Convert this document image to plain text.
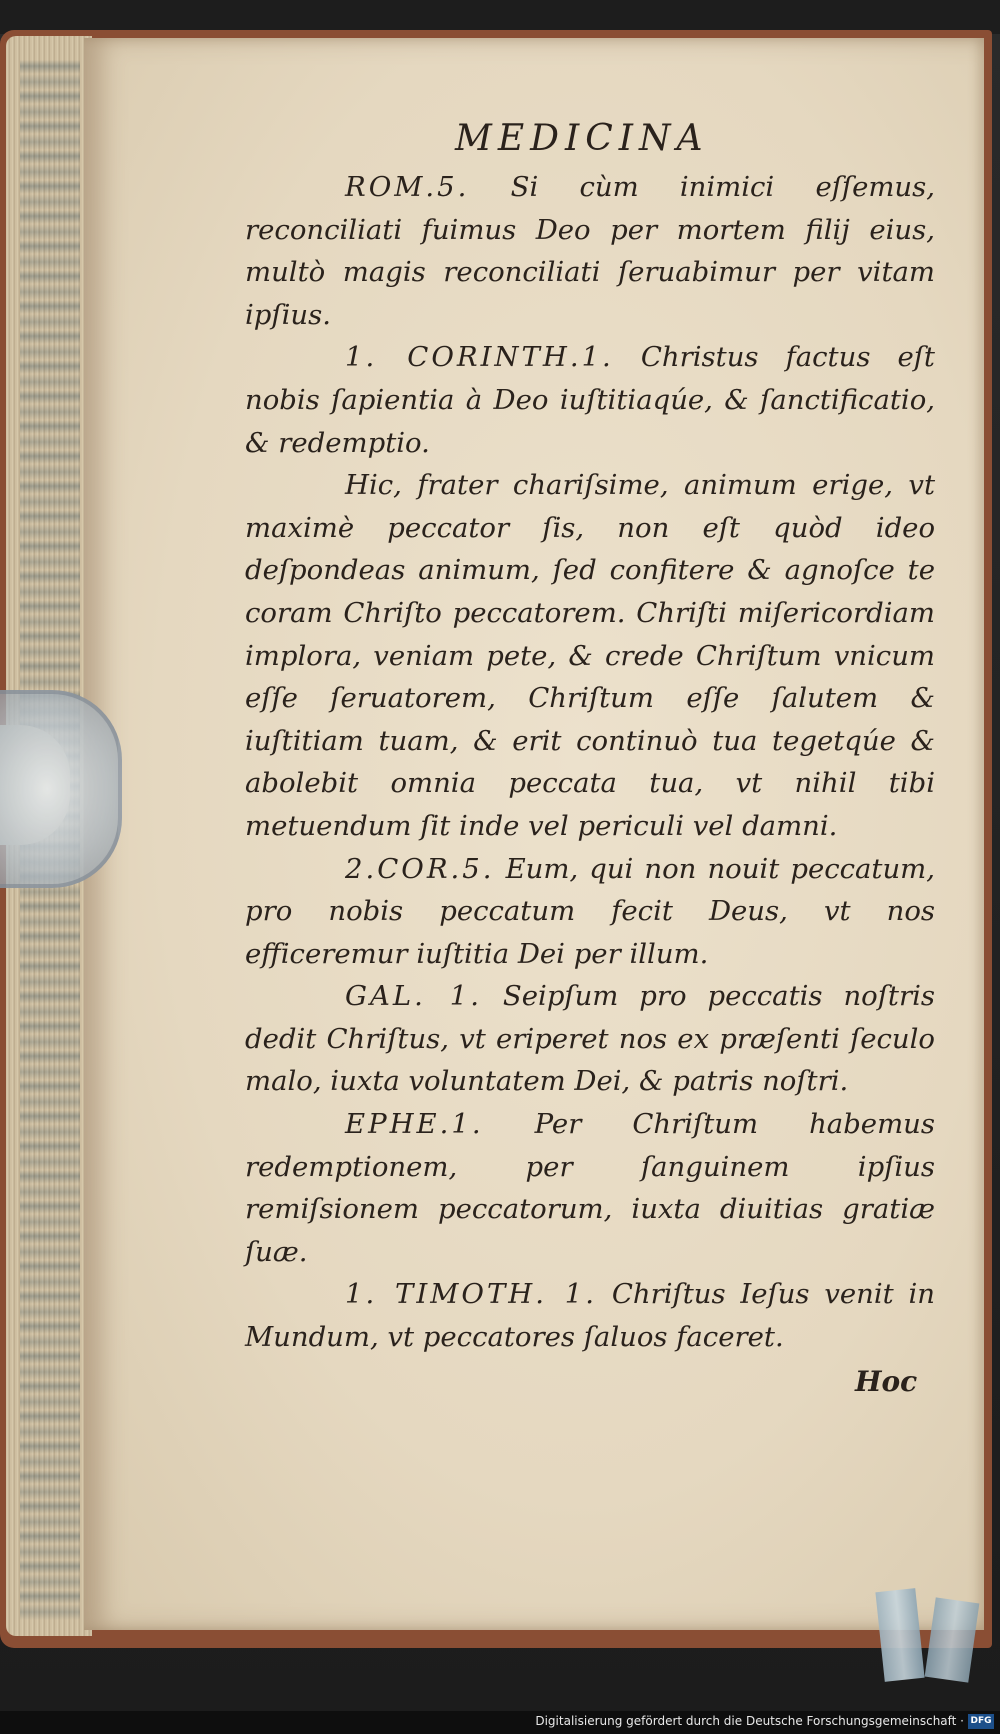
MEDICINA

ROM.5. Si cùm inimici eſſemus, reconciliati fuimus Deo per mortem filij eius, multò magis reconciliati ſeruabimur per vitam ipſius.

1. CORINTH.1. Christus factus eſt nobis ſapientia à Deo iuſtitiaqúe, & ſanctificatio, & redemptio.

Hic, frater chariſsime, animum erige, vt maximè peccator ſis, non eſt quòd ideo deſpondeas animum, ſed confitere & agnoſce te coram Chriſto peccatorem. Chriſti miſericordiam implora, veniam pete, & crede Chriſtum vnicum eſſe ſeruatorem, Chriſtum eſſe ſalutem & iuſtitiam tuam, & erit continuò tua tegetqúe & abolebit omnia peccata tua, vt nihil tibi metuendum ſit inde vel periculi vel damni.

2.COR.5. Eum, qui non nouit peccatum, pro nobis peccatum fecit Deus, vt nos efficeremur iuſtitia Dei per illum.

GAL. 1. Seipſum pro peccatis noſtris dedit Chriſtus, vt eriperet nos ex præſenti ſeculo malo, iuxta voluntatem Dei, & patris noſtri.

EPHE.1. Per Chriſtum habemus redemptionem, per ſanguinem ipſius remiſsionem peccatorum, iuxta diuitias gratiæ ſuæ.

1. TIMOTH. 1. Chriſtus Ieſus venit in Mundum, vt peccatores ſaluos faceret.

Hoc
Digitalisierung gefördert durch die Deutsche Forschungsgemeinschaft · DFG
